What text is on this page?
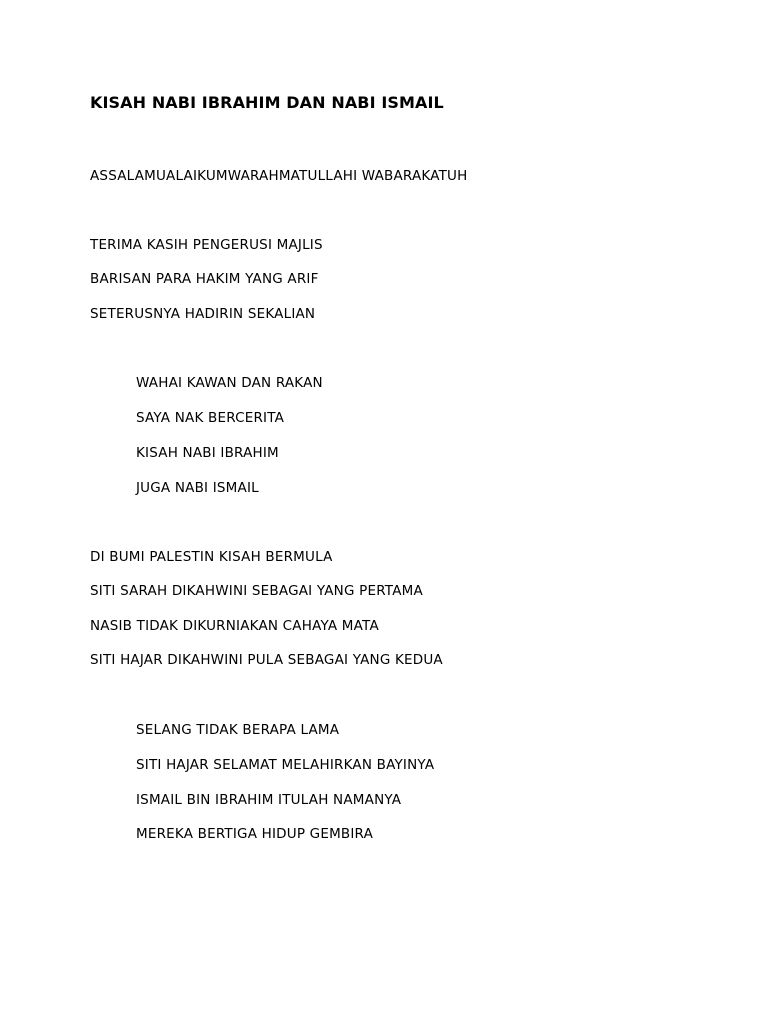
KISAH NABI IBRAHIM DAN NABI ISMAIL

ASSALAMUALAIKUMWARAHMATULLAHI WABARAKATUH

TERIMA KASIH PENGERUSI MAJLIS

BARISAN PARA HAKIM YANG ARIF

SETERUSNYA HADIRIN SEKALIAN

WAHAI KAWAN DAN RAKAN

SAYA NAK BERCERITA

KISAH NABI IBRAHIM

JUGA NABI ISMAIL

DI BUMI PALESTIN KISAH BERMULA

SITI SARAH DIKAHWINI SEBAGAI YANG PERTAMA

NASIB TIDAK DIKURNIAKAN CAHAYA MATA

SITI HAJAR DIKAHWINI PULA SEBAGAI YANG KEDUA

SELANG TIDAK BERAPA LAMA

SITI HAJAR SELAMAT MELAHIRKAN BAYINYA

ISMAIL BIN IBRAHIM ITULAH NAMANYA

MEREKA BERTIGA HIDUP GEMBIRA
